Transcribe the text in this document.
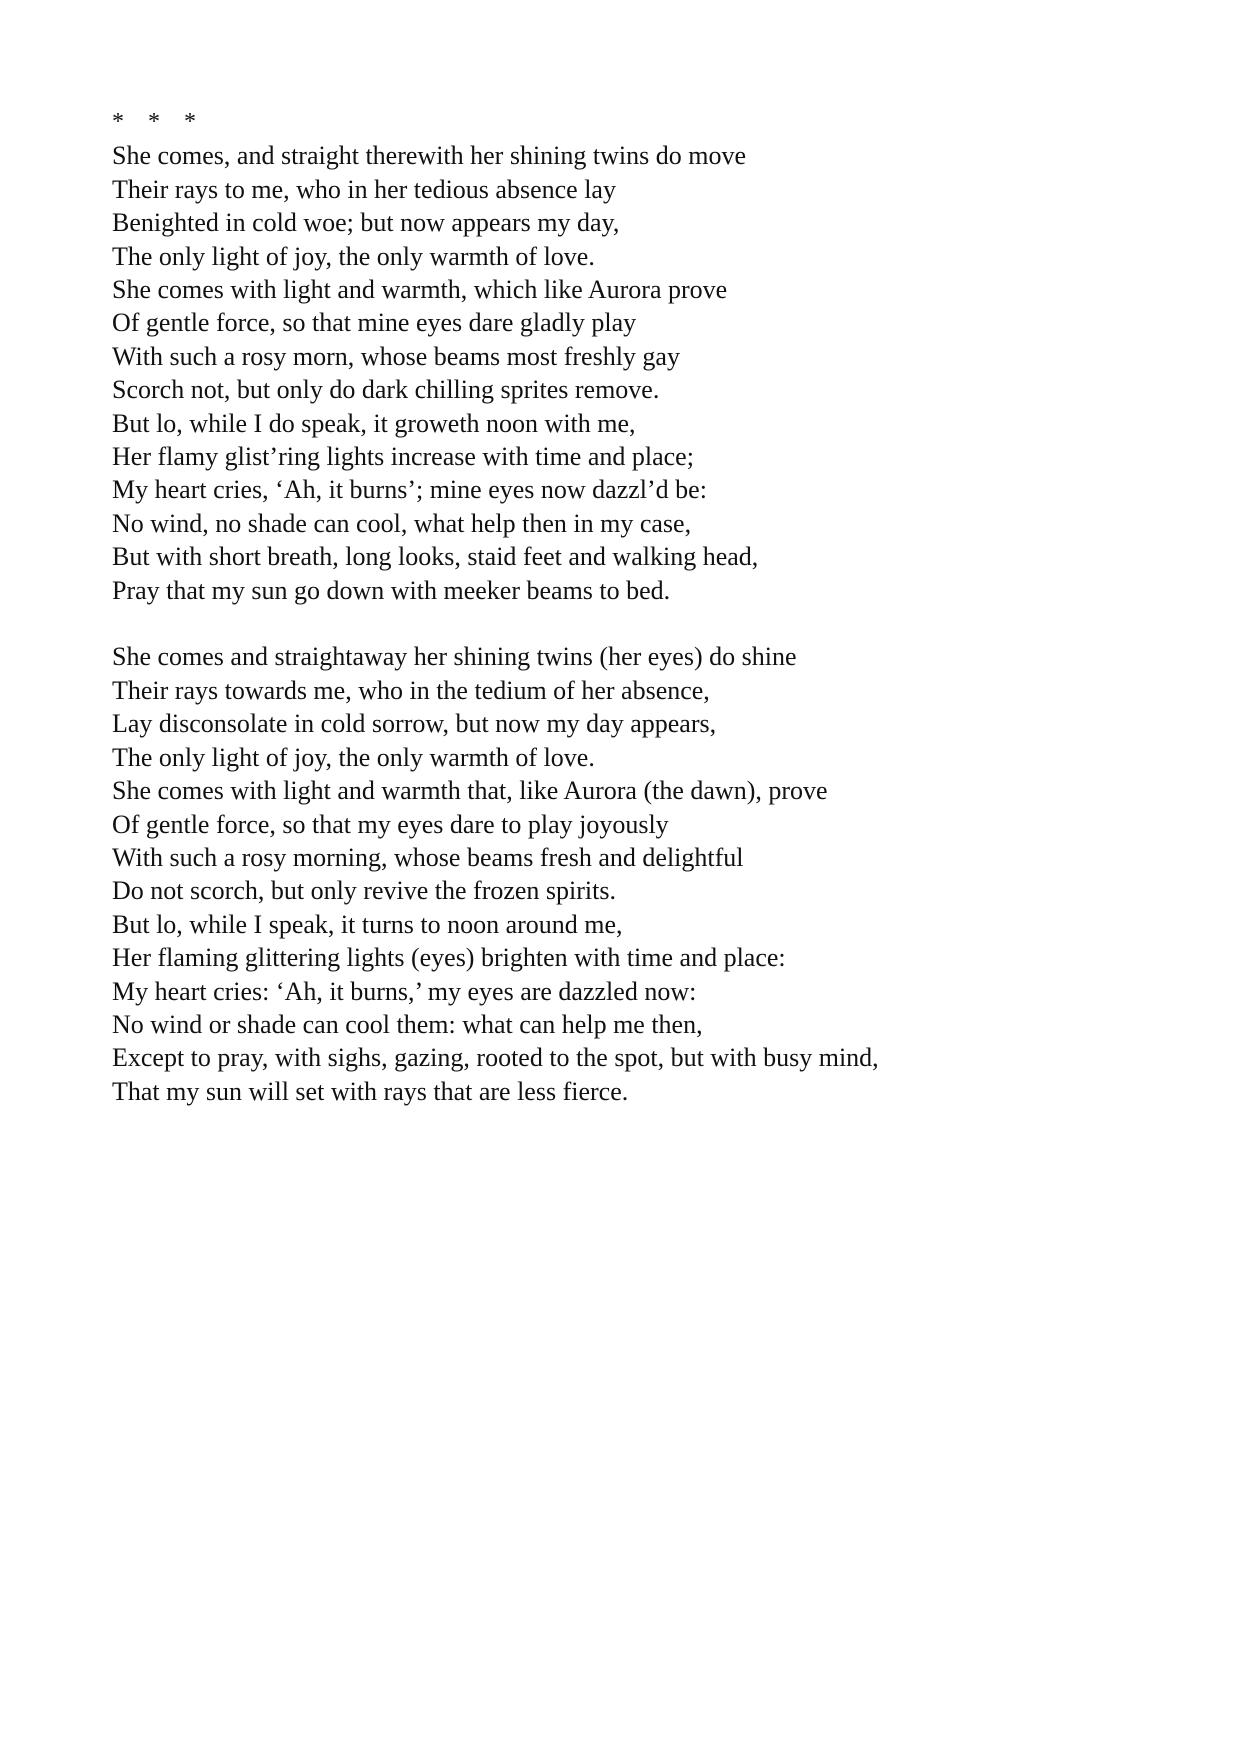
* * *
She comes, and straight therewith her shining twins do move
Their rays to me, who in her tedious absence lay
Benighted in cold woe; but now appears my day,
The only light of joy, the only warmth of love.
She comes with light and warmth, which like Aurora prove
Of gentle force, so that mine eyes dare gladly play
With such a rosy morn, whose beams most freshly gay
Scorch not, but only do dark chilling sprites remove.
But lo, while I do speak, it groweth noon with me,
Her flamy glist’ring lights increase with time and place;
My heart cries, ‘Ah, it burns’; mine eyes now dazzl’d be:
No wind, no shade can cool, what help then in my case,
But with short breath, long looks, staid feet and walking head,
Pray that my sun go down with meeker beams to bed.
She comes and straightaway her shining twins (her eyes) do shine
Their rays towards me, who in the tedium of her absence,
Lay disconsolate in cold sorrow, but now my day appears,
The only light of joy, the only warmth of love.
She comes with light and warmth that, like Aurora (the dawn), prove
Of gentle force, so that my eyes dare to play joyously
With such a rosy morning, whose beams fresh and delightful
Do not scorch, but only revive the frozen spirits.
But lo, while I speak, it turns to noon around me,
Her flaming glittering lights (eyes) brighten with time and place:
My heart cries: ‘Ah, it burns,’ my eyes are dazzled now:
No wind or shade can cool them: what can help me then,
Except to pray, with sighs, gazing, rooted to the spot, but with busy mind,
That my sun will set with rays that are less fierce.
